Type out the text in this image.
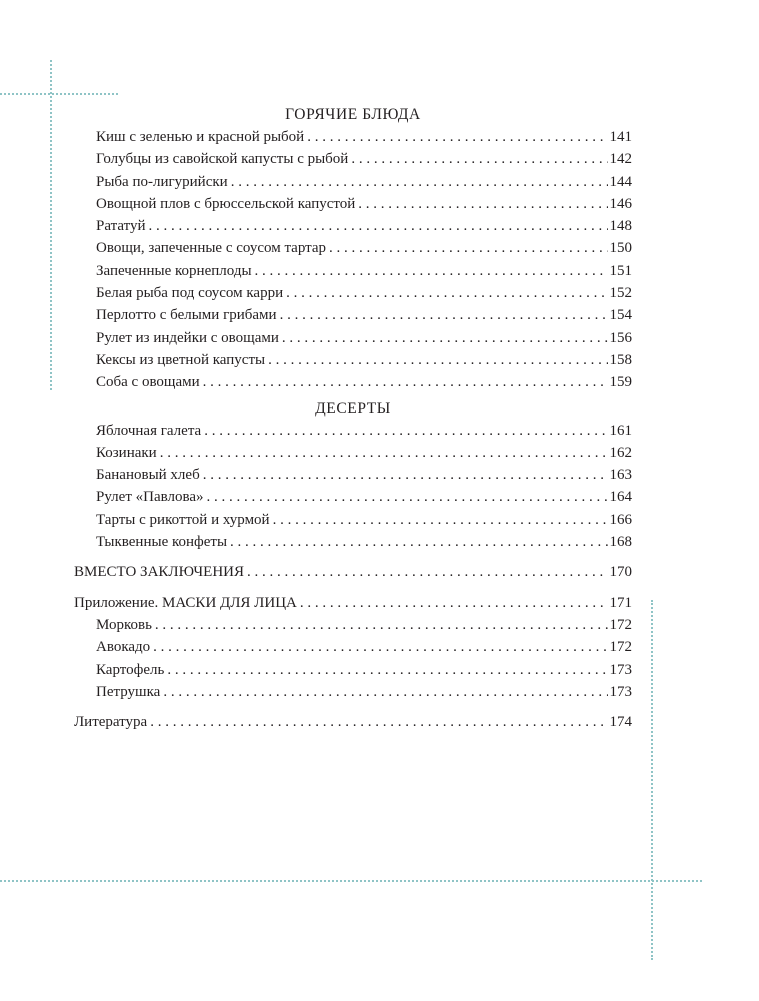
ГОРЯЧИЕ БЛЮДА
Киш с зеленью и красной рыбой . . .	141
Голубцы из савойской капусты с рыбой . . .	142
Рыба по-лигурийски . . .	144
Овощной плов с брюссельской капустой . . .	146
Рататуй . . .	148
Овощи, запеченные с соусом тартар . . .	150
Запеченные корнеплоды . . .	151
Белая рыба под соусом карри . . .	152
Перлотто с белыми грибами . . .	154
Рулет из индейки с овощами . . .	156
Кексы из цветной капусты . . .	158
Соба с овощами . . .	159
ДЕСЕРТЫ
Яблочная галета . . .	161
Козинаки . . .	162
Банановый хлеб . . .	163
Рулет «Павлова» . . .	164
Тарты с рикоттой и хурмой . . .	166
Тыквенные конфеты . . .	168
ВМЕСТО ЗАКЛЮЧЕНИЯ . . .	170
Приложение. МАСКИ ДЛЯ ЛИЦА . . .	171
Морковь . . .	172
Авокадо . . .	172
Картофель . . .	173
Петрушка . . .	173
Литература . . .	174
